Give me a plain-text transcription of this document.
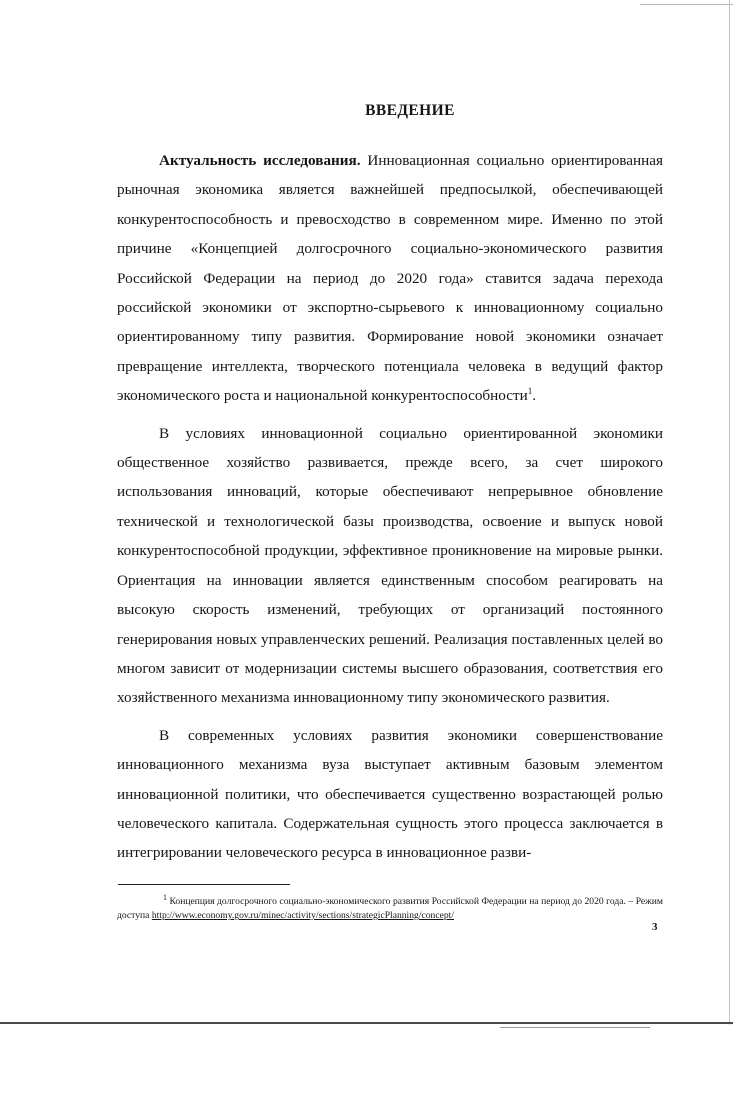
ВВЕДЕНИЕ

Актуальность исследования. Инновационная социально ориентированная рыночная экономика является важнейшей предпосылкой, обеспечивающей конкурентоспособность и превосходство в современном мире. Именно по этой причине «Концепцией долгосрочного социально-экономического развития Российской Федерации на период до 2020 года» ставится задача перехода российской экономики от экспортно-сырьевого к инновационному социально ориентированному типу развития. Формирование новой экономики означает превращение интеллекта, творческого потенциала человека в ведущий фактор экономического роста и национальной конкурентоспособности$^1$.

В условиях инновационной социально ориентированной экономики общественное хозяйство развивается, прежде всего, за счет широкого использования инноваций, которые обеспечивают непрерывное обновление технической и технологической базы производства, освоение и выпуск новой конкурентоспособной продукции, эффективное проникновение на мировые рынки. Ориентация на инновации является единственным способом реагировать на высокую скорость изменений, требующих от организаций постоянного генерирования новых управленческих решений. Реализация поставленных целей во многом зависит от модернизации системы высшего образования, соответствия его хозяйственного механизма инновационному типу экономического развития.

В современных условиях развития экономики совершенствование инновационного механизма вуза выступает активным базовым элементом инновационной политики, что обеспечивается существенно возрастающей ролью человеческого капитала. Содержательная сущность этого процесса заключается в интегрировании человеческого ресурса в инновационное разви-

$^1$ Концепция долгосрочного социально-экономического развития Российской Федерации на период до 2020 года. – Режим доступа http://www.economy.gov.ru/minec/activity/sections/strategicPlanning/concept/
3
